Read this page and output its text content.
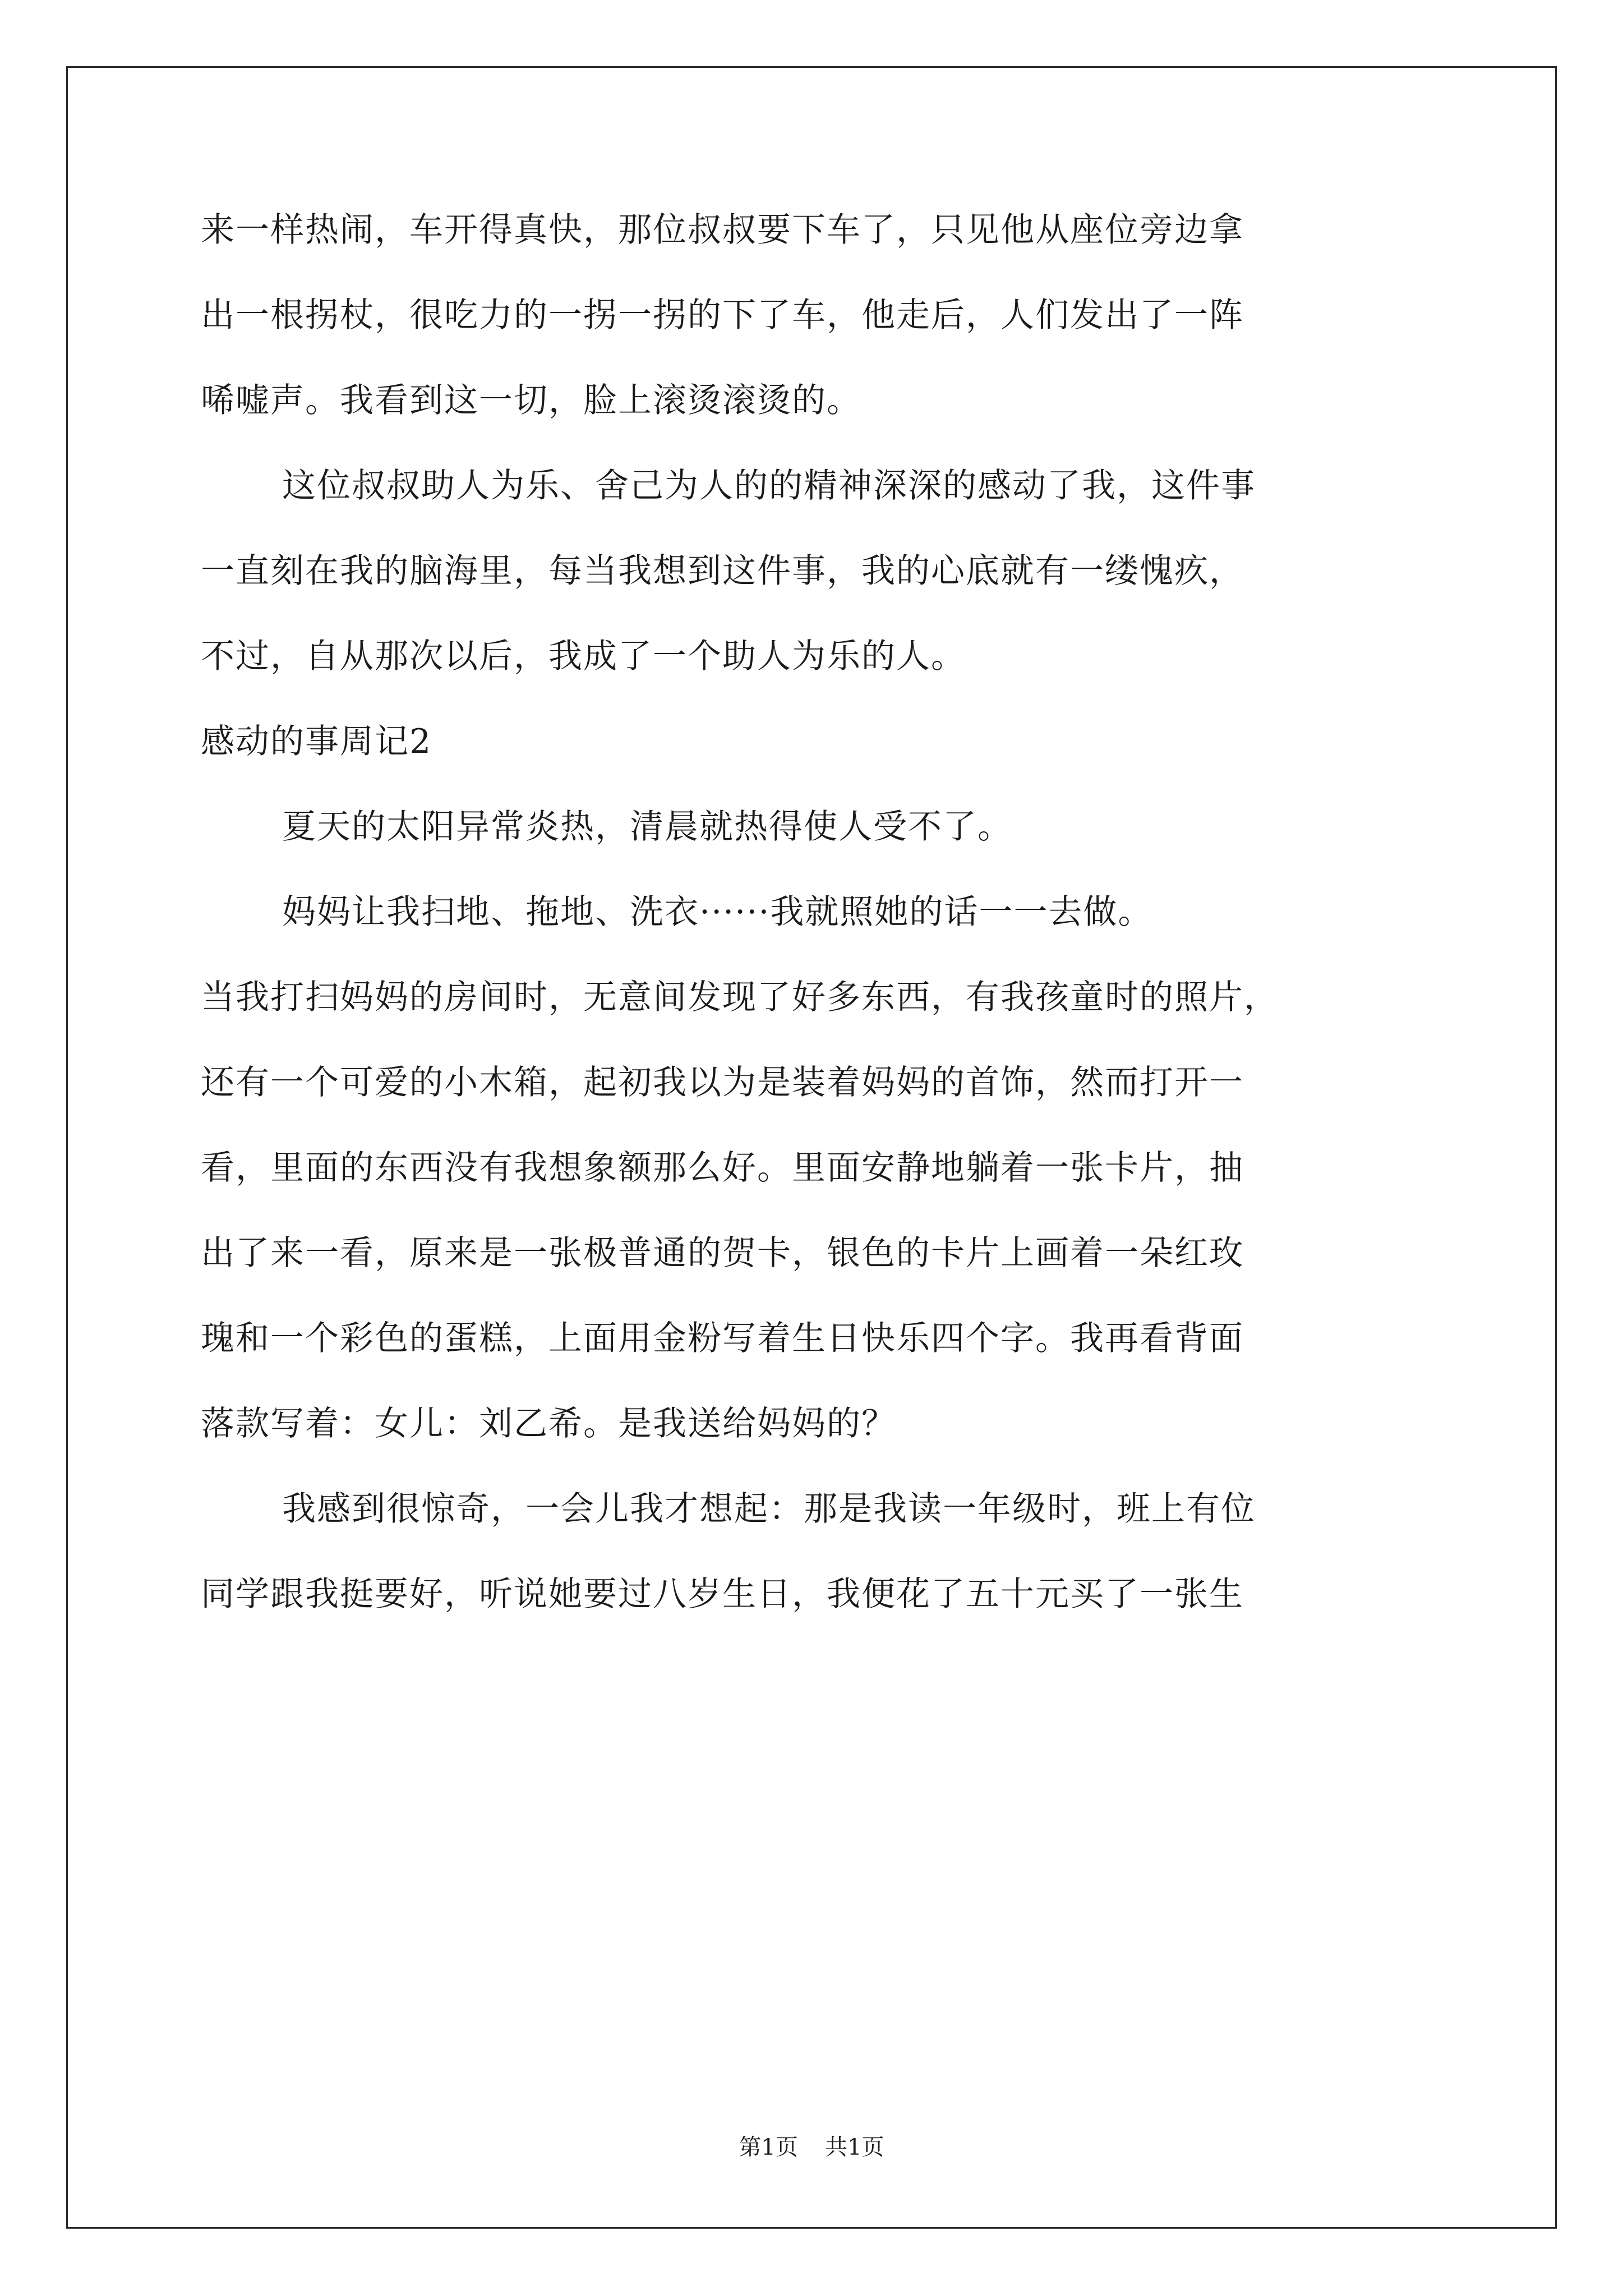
来一样热闹，车开得真快，那位叔叔要下车了，只见他从座位旁边拿
出一根拐杖，很吃力的一拐一拐的下了车，他走后，人们发出了一阵
唏嘘声。我看到这一切，脸上滚烫滚烫的。
这位叔叔助人为乐、舍己为人的的精神深深的感动了我，这件事
一直刻在我的脑海里，每当我想到这件事，我的心底就有一缕愧疚，
不过，自从那次以后，我成了一个助人为乐的人。
感动的事周记2
夏天的太阳异常炎热，清晨就热得使人受不了。
妈妈让我扫地、拖地、洗衣······我就照她的话一一去做。
当我打扫妈妈的房间时，无意间发现了好多东西，有我孩童时的照片，
还有一个可爱的小木箱，起初我以为是装着妈妈的首饰，然而打开一
看，里面的东西没有我想象额那么好。里面安静地躺着一张卡片，抽
出了来一看，原来是一张极普通的贺卡，银色的卡片上画着一朵红玫
瑰和一个彩色的蛋糕，上面用金粉写着生日快乐四个字。我再看背面
落款写着：女儿：刘乙希。是我送给妈妈的？
我感到很惊奇，一会儿我才想起：那是我读一年级时，班上有位
同学跟我挺要好，听说她要过八岁生日，我便花了五十元买了一张生
第1页 共1页
